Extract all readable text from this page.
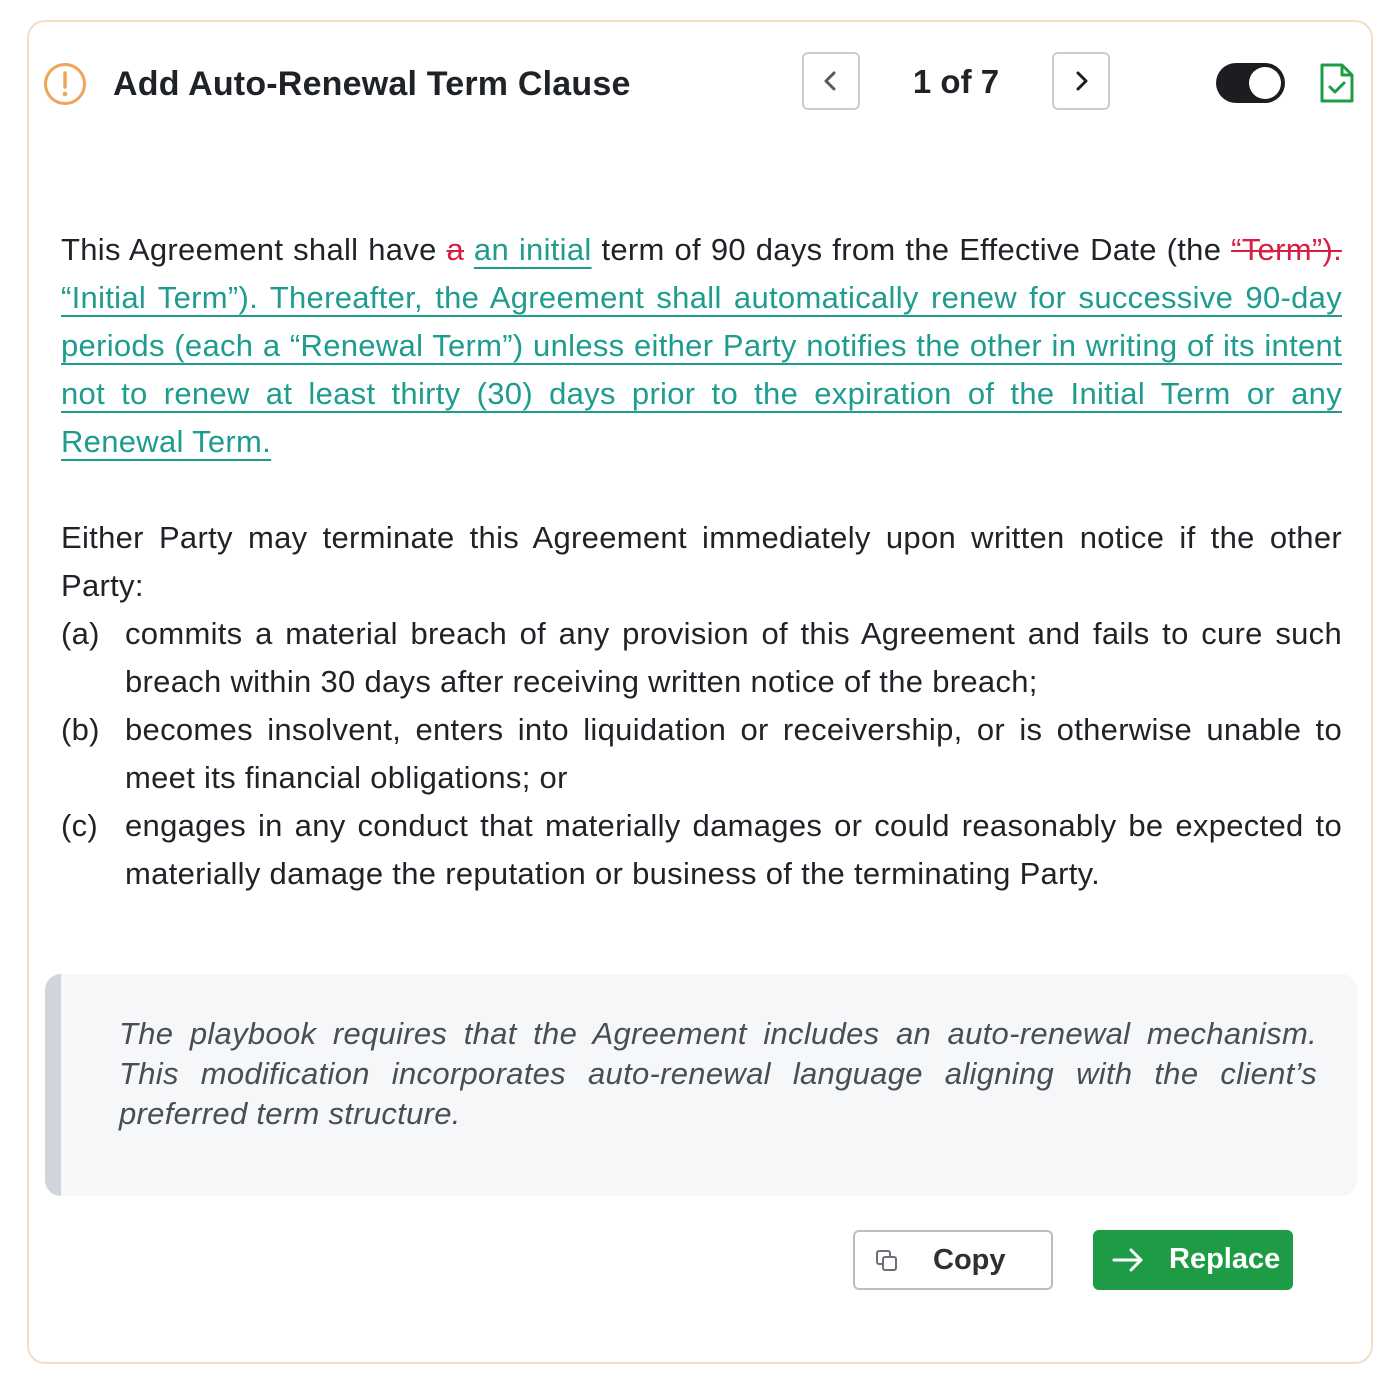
Add Auto-Renewal Term Clause	1 of 7
This Agreement shall have a an initial term of 90 days from the Effective Date (the “Term”). “Initial Term”). Thereafter, the Agreement shall automatically renew for successive 90-day periods (each a “Renewal Term”) unless either Party notifies the other in writing of its intent not to renew at least thirty (30) days prior to the expiration of the Initial Term or any Renewal Term.

Either Party may terminate this Agreement immediately upon written notice if the other Party:

(a) commits a material breach of any provision of this Agreement and fails to cure such breach within 30 days after receiving written notice of the breach;
(b) becomes insolvent, enters into liquidation or receivership, or is otherwise unable to meet its financial obligations; or
(c) engages in any conduct that materially damages or could reasonably be expected to materially damage the reputation or business of the terminating Party.
The playbook requires that the Agreement includes an auto-renewal mechanism. This modification incorporates auto-renewal language aligning with the client’s preferred term structure.
Copy	Replace
